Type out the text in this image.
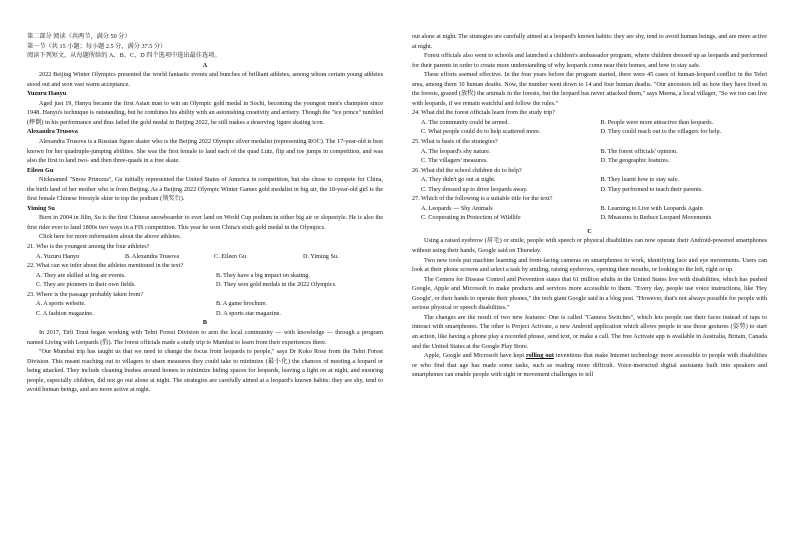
第二部分 阅读（共两节，满分 50 分）

第一节（共 15 小题；每小题 2.5 分，满分 37.5 分）

阅读下列短文，从每题所给的 A、B、C、D 四个选项中选出最佳选项。

A

2022 Beijing Winter Olympics presented the world fantastic events and bunches of brilliant athletes, among whom certain young athletes stood out and won vast warm acceptance.

Yuzuru Hanyu

Aged just 19, Hanyu became the first Asian man to win an Olympic gold medal in Sochi, becoming the youngest men's champion since 1948. Hanyu's technique is outstanding, but he combines his ability with an astonishing creativity and artistry. Though the "ice prince" tumbled (摔倒) in his performance and thus failed the gold medal in Beijing 2022, he still makes a deserving figure skating icon.

Alexandra Trusova

Alexandra Trusova is a Russian figure skater who is the Beijing 2022 Olympic silver medalist (representing ROC). The 17-year-old is best known for her quadruple-jumping abilities. She was the first female to land each of the quad Lutz, flip and toe jumps in competition, and was also the first to land two- and then three-quads in a free skate.

Eileen Gu

Nicknamed "Snow Princess", Gu initially represented the United States of America in competition, but she chose to compete for China, the birth land of her mother who is from Beijing. As a Beijing 2022 Olympic Winter Games gold medalist in big air, the 18-year-old girl is the first female Chinese freestyle skier to top the podium (领奖台).

Yiming Su

Born in 2004 in Jilin, Su is the first Chinese snowboarder to ever land on World Cup podium in either big air or slopestyle. He is also the first rider ever to land 1800s two ways in a FIS competition. This year he won China's sixth gold medal in the Olympics.

Click here for more information about the above athletes.

21. Who is the youngest among the four athletes?

A. Yuzuru Hanyu	B. Alexandra Trusova	C. Eileen Gu	D. Yiming Su.

22. What can we infer about the athletes mentioned in the text?

A. They are skilled at big air events.	B. They have a big impact on skating.
C. They are pioneers in their own fields.	D. They won gold medals in the 2022 Olympics.

23. Where is the passage probably taken from?

A. A sports website.	B. A game brochure.
C. A fashion magazine.	D. A sports star magazine.

B

In 2017, Tirli Trust began working with Tehri Forest Division to arm the local community — with knowledge — through a program named Living with Leopards (豹). The forest officials made a study trip to Mumbai to learn from their experiences there.

"Our Mumbai trip has taught us that we need to change the focus from leopards to people," says Dr Koko Rose from the Tehri Forest Division. This meant reaching out to villagers to share measures they could take to minimize (最小化) the chances of meeting a leopard or being attacked. They include cleaning bushes around homes to minimize hiding spaces for leopards, leaving a light on at night, and ensuring people, especially children, did not go out alone at night. The strategies are carefully aimed at a leopard's known habits: they are shy, tend to avoid human beings, and are more active at night.

out alone at night. The strategies are carefully aimed at a leopard's known habits: they are shy, tend to avoid human beings, and are more active at night.

Forest officials also went to schools and launched a children's ambassador program, where children dressed up as leopards and performed for their parents in order to create more understanding of why leopards come near their homes, and how to stay safe.

These efforts seemed effective. In the four years before the program started, there were 45 cases of human-leopard conflict in the Tehri area, among them 10 human deaths. Now, the number went down to 14 and four human deaths. "Our ancestors tell us how they have lived in the forests, grazed (放牧) the animals in the forests, but the leopard has never attacked them," says Meena, a local villager, "So we too can live with leopards, if we remain watchful and follow the rules."

24. What did the forest officials learn from the study trip?

A. The community could be armed.	B. People were more attractive than leopards.
C. What people could do to help scattered more.	D. They could reach out to the villagers for help.

25. What is basis of the strategies?

A. The leopard's shy nature.	B. The forest officials' opinion.
C. The villagers' measures.	D. The geographic features.

26. What did the school children do to help?

A. They didn't go out at night.	B. They learnt how to stay safe.
C. They dressed up to drive leopards away.	D. They performed to teach their parents.

27. Which of the following is a suitable title for the text?

A. Leopards — Shy Animals	B. Learning to Live with Leopards Again
C. Cooperating in Protection of Wildlife	D. Measures to Reduce Leopard Movements

C

Using a raised eyebrow (眉毛) or smile, people with speech or physical disabilities can now operate their Android-powered smartphones without using their hands, Google said on Thursday.

Two new tools put machine learning and front-facing cameras on smartphones to work, identifying face and eye movements. Users can look at their phone screens and select a task by smiling, raising eyebrows, opening their mouths, or looking to the left, right or up.

The Centers for Disease Control and Prevention states that 61 million adults in the United States live with disabilities, which has pushed Google, Apple and Microsoft to make products and services more accessible to them. "Every day, people use voice instructions, like 'Hey Google', or their hands to operate their phones," the tech giant Google said in a blog post. "However, that's not always possible for people with serious physical or speech disabilities."

The changes are the result of two new features: One is called "Camera Switches", which lets people use their faces instead of taps to interact with smartphones. The other is Project Activate, a new Android application which allows people to use those gestures (姿势) to start an action, like having a phone play a recorded phrase, send text, or make a call. The free Activate app is available in Australia, Britain, Canada and the United States at the Google Play Store.

Apple, Google and Microsoft have kept rolling out inventions that make Internet technology more accessible to people with disabilities or who find that age has made some tasks, such as reading more difficult. Voice-instructed digital assistants built into speakers and smartphones can enable people with sight or movement challenges to tell
